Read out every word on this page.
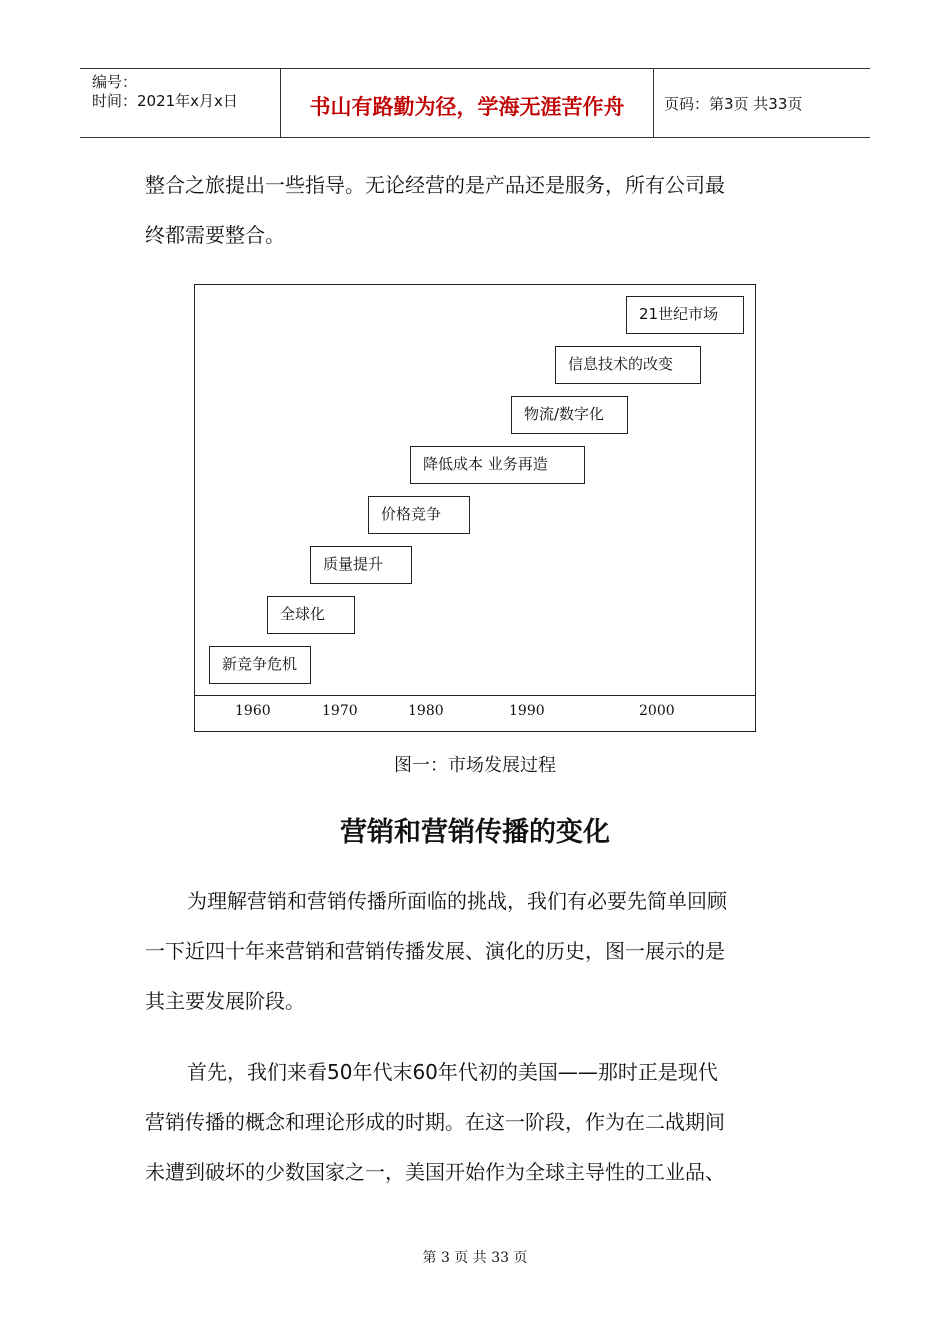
编号：
时间：2021年x月x日	书山有路勤为径，学海无涯苦作舟	页码：第3页 共33页
整合之旅提出一些指导。无论经营的是产品还是服务，所有公司最
终都需要整合。
新竞争危机
全球化
质量提升
价格竞争
降低成本 业务再造
物流/数字化
信息技术的改变
21世纪市场
1960	1970	1980	1990	2000
图一：市场发展过程
营销和营销传播的变化
为理解营销和营销传播所面临的挑战，我们有必要先简单回顾
一下近四十年来营销和营销传播发展、演化的历史，图一展示的是
其主要发展阶段。
首先，我们来看50年代末60年代初的美国——那时正是现代
营销传播的概念和理论形成的时期。在这一阶段，作为在二战期间
未遭到破坏的少数国家之一，美国开始作为全球主导性的工业品、
第 3 页 共 33 页
